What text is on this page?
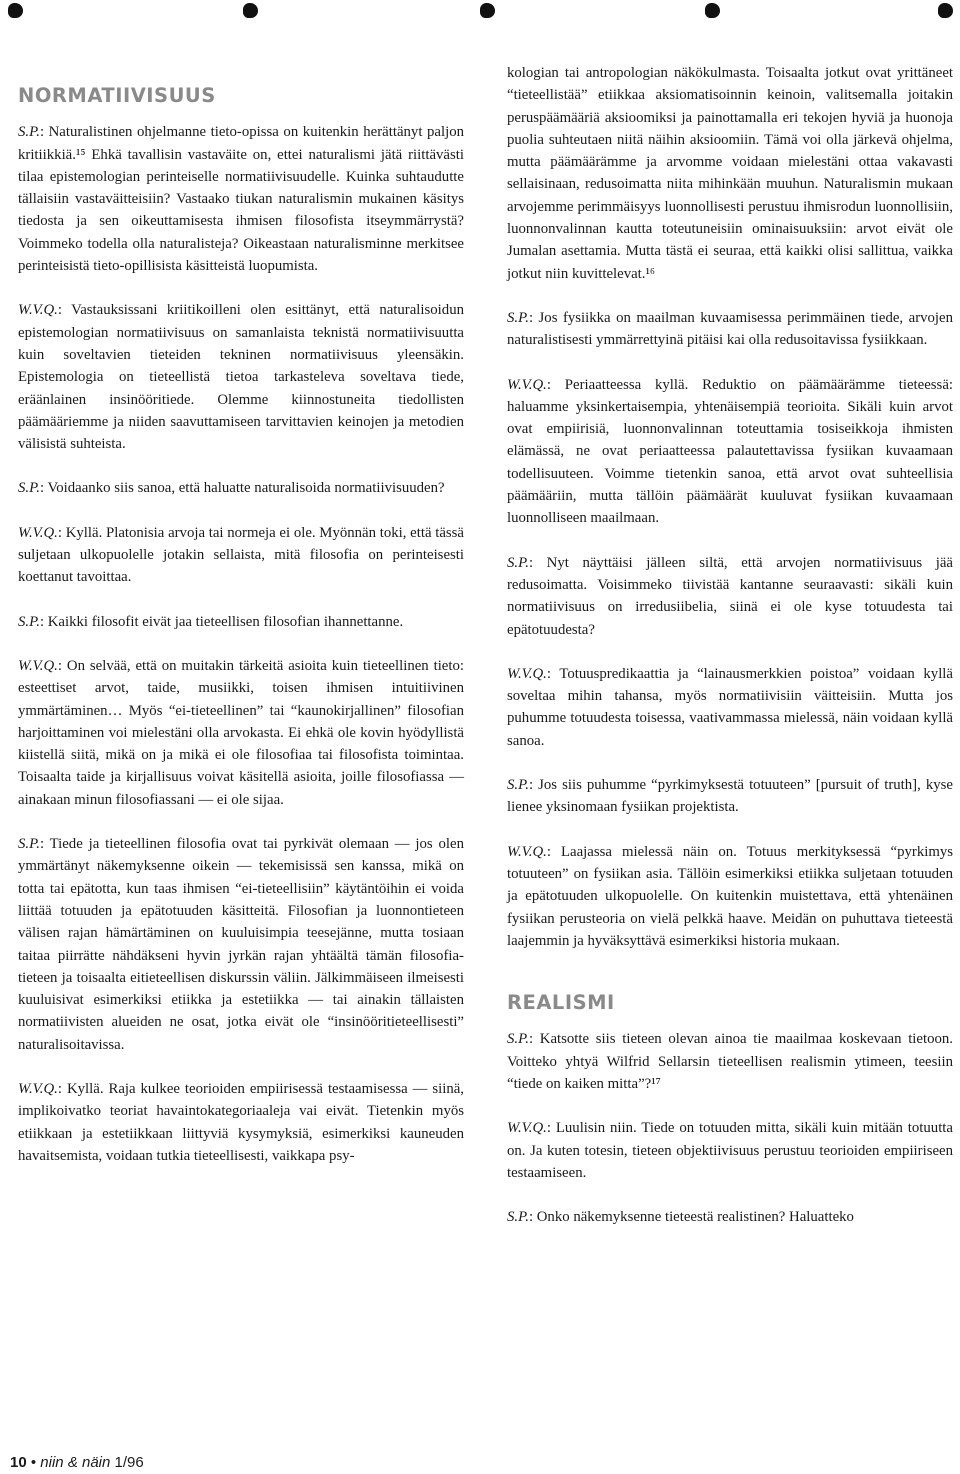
NORMATIIVISUUS

S.P.: Naturalistinen ohjelmanne tieto-opissa on kuitenkin herättänyt paljon kritiikkiä.¹⁵ Ehkä tavallisin vastaväite on, ettei naturalismi jätä riittävästi tilaa epistemologian perinteiselle normatiivisuudelle. Kuinka suhtaudutte tällaisiin vastaväitteisiin? Vastaako tiukan naturalismin mukainen käsitys tiedosta ja sen oikeuttamisesta ihmisen filosofista itseymmärrystä? Voimmeko todella olla naturalisteja? Oikeastaan naturalisminne merkitsee perinteisistä tieto-opillisista käsitteistä luopumista.

W.V.Q.: Vastauksissani kriitikoilleni olen esittänyt, että naturalisoidun epistemologian normatiivisuus on samanlaista teknistä normatiivisuutta kuin soveltavien tieteiden tekninen normatiivisuus yleensäkin. Epistemologia on tieteellistä tietoa tarkasteleva soveltava tiede, eräänlainen insinööritiede. Olemme kiinnostuneita tiedollisten päämääriemme ja niiden saavuttamiseen tarvittavien keinojen ja metodien välisistä suhteista.

S.P.: Voidaanko siis sanoa, että haluatte naturalisoida normatiivisuuden?

W.V.Q.: Kyllä. Platonisia arvoja tai normeja ei ole. Myönnän toki, että tässä suljetaan ulkopuolelle jotakin sellaista, mitä filosofia on perinteisesti koettanut tavoittaa.

S.P.: Kaikki filosofit eivät jaa tieteellisen filosofian ihannettanne.

W.V.Q.: On selvää, että on muitakin tärkeitä asioita kuin tieteellinen tieto: esteettiset arvot, taide, musiikki, toisen ihmisen intuitiivinen ymmärtäminen… Myös “ei-tieteellinen” tai “kaunokirjallinen” filosofian harjoittaminen voi mielestäni olla arvokasta. Ei ehkä ole kovin hyödyllistä kiistellä siitä, mikä on ja mikä ei ole filosofiaa tai filosofista toimintaa. Toisaalta taide ja kirjallisuus voivat käsitellä asioita, joille filosofiassa — ainakaan minun filosofiassani — ei ole sijaa.

S.P.: Tiede ja tieteellinen filosofia ovat tai pyrkivät olemaan — jos olen ymmärtänyt näkemyksenne oikein — tekemisissä sen kanssa, mikä on totta tai epätotta, kun taas ihmisen “ei-tieteellisiin” käytäntöihin ei voida liittää totuuden ja epätotuuden käsitteitä. Filosofian ja luonnontieteen välisen rajan hämärtäminen on kuuluisimpia teesejänne, mutta tosiaan taitaa piirrätte nähdäkseni hyvin jyrkän rajan yhtäältä tämän filosofia-tieteen ja toisaalta eitieteellisen diskurssin väliin. Jälkimmäiseen ilmeisesti kuuluisivat esimerkiksi etiikka ja estetiikka — tai ainakin tällaisten normatiivisten alueiden ne osat, jotka eivät ole “insinööritieteellisesti” naturalisoitavissa.

W.V.Q.: Kyllä. Raja kulkee teorioiden empiirisessä testaamisessa — siinä, implikoivatko teoriat havaintokategoriaaleja vai eivät. Tietenkin myös etiikkaan ja estetiikkaan liittyviä kysymyksiä, esimerkiksi kauneuden havaitsemista, voidaan tutkia tieteellisesti, vaikkapa psy-

kologian tai antropologian näkökulmasta. Toisaalta jotkut ovat yrittäneet “tieteellistää” etiikkaa aksiomatisoinnin keinoin, valitsemalla joitakin peruspäämääriä aksioomiksi ja painottamalla eri tekojen hyviä ja huonoja puolia suhteutaen niitä näihin aksioomiin. Tämä voi olla järkevä ohjelma, mutta päämäärämme ja arvomme voidaan mielestäni ottaa vakavasti sellaisinaan, redusoimatta niita mihinkään muuhun. Naturalismin mukaan arvojemme perimmäisyys luonnollisesti perustuu ihmisrodun luonnollisiin, luonnonvalinnan kautta toteutuneisiin ominaisuuksiin: arvot eivät ole Jumalan asettamia. Mutta tästä ei seuraa, että kaikki olisi sallittua, vaikka jotkut niin kuvittelevat.¹⁶

S.P.: Jos fysiikka on maailman kuvaamisessa perimmäinen tiede, arvojen naturalistisesti ymmärrettyinä pitäisi kai olla redusoitavissa fysiikkaan.

W.V.Q.: Periaatteessa kyllä. Reduktio on päämäärämme tieteessä: haluamme yksinkertaisempia, yhtenäisempiä teorioita. Sikäli kuin arvot ovat empiirisiä, luonnonvalinnan toteuttamia tosiseikkoja ihmisten elämässä, ne ovat periaatteessa palautettavissa fysiikan kuvaamaan todellisuuteen. Voimme tietenkin sanoa, että arvot ovat suhteellisia päämääriin, mutta tällöin päämäärät kuuluvat fysiikan kuvaamaan luonnolliseen maailmaan.

S.P.: Nyt näyttäisi jälleen siltä, että arvojen normatiivisuus jää redusoimatta. Voisimmeko tiivistää kantanne seuraavasti: sikäli kuin normatiivisuus on irredusiibelia, siinä ei ole kyse totuudesta tai epätotuudesta?

W.V.Q.: Totuuspredikaattia ja “lainausmerkkien poistoa” voidaan kyllä soveltaa mihin tahansa, myös normatiivisiin väitteisiin. Mutta jos puhumme totuudesta toisessa, vaativammassa mielessä, näin voidaan kyllä sanoa.

S.P.: Jos siis puhumme “pyrkimyksestä totuuteen” [pursuit of truth], kyse lienee yksinomaan fysiikan projektista.

W.V.Q.: Laajassa mielessä näin on. Totuus merkityksessä “pyrkimys totuuteen” on fysiikan asia. Tällöin esimerkiksi etiikka suljetaan totuuden ja epätotuuden ulkopuolelle. On kuitenkin muistettava, että yhtenäinen fysiikan perusteoria on vielä pelkkä haave. Meidän on puhuttava tieteestä laajemmin ja hyväksyttävä esimerkiksi historia mukaan.

REALISMI

S.P.: Katsotte siis tieteen olevan ainoa tie maailmaa koskevaan tietoon. Voitteko yhtyä Wilfrid Sellarsin tieteellisen realismin ytimeen, teesiin “tiede on kaiken mitta”?¹⁷

W.V.Q.: Luulisin niin. Tiede on totuuden mitta, sikäli kuin mitään totuutta on. Ja kuten totesin, tieteen objektiivisuus perustuu teorioiden empiiriseen testaamiseen.

S.P.: Onko näkemyksenne tieteestä realistinen? Haluatteko

10 • niin & näin 1/96
